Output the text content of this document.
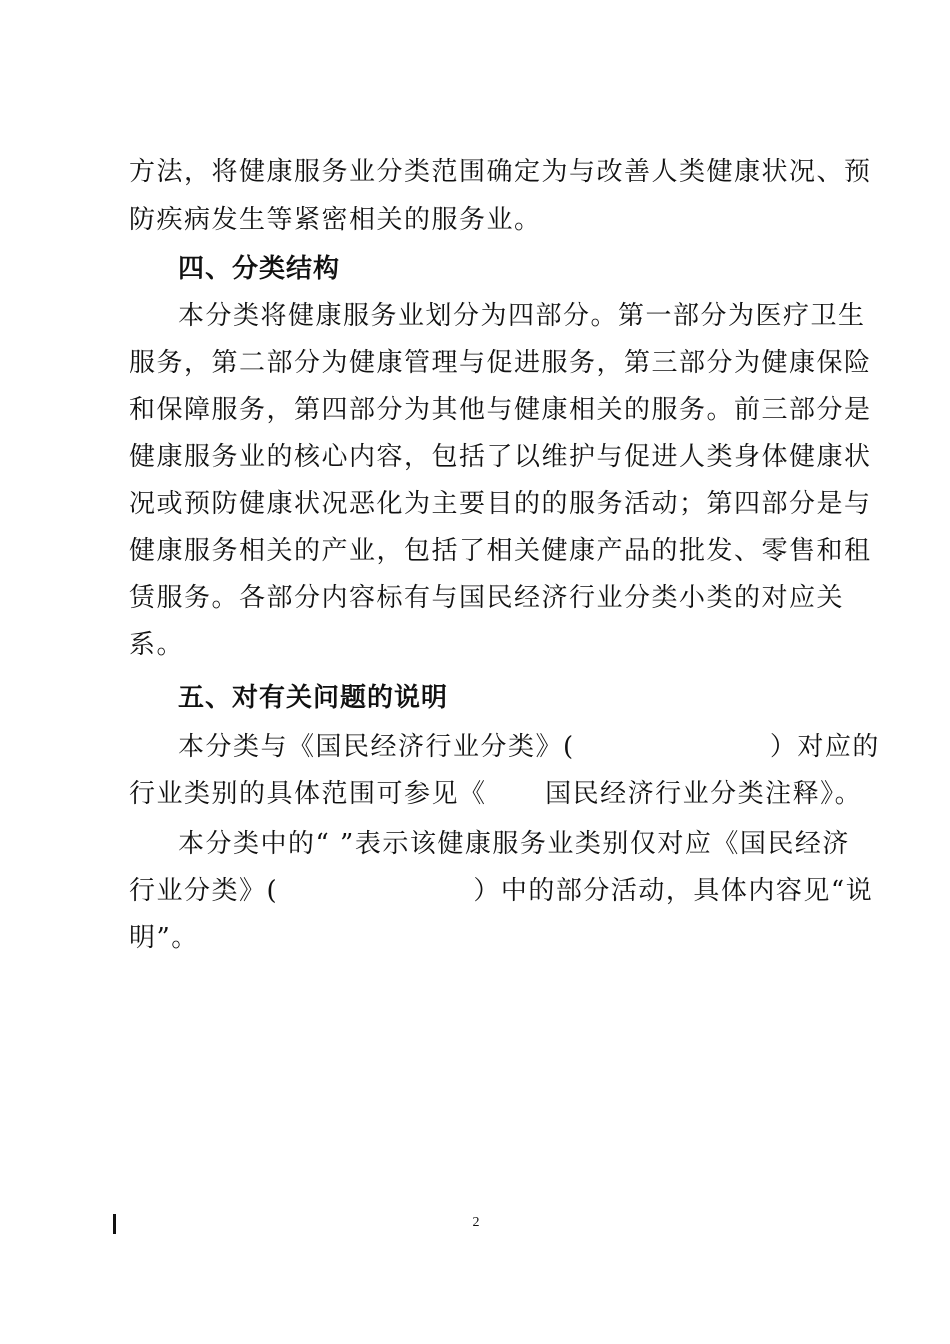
方法，将健康服务业分类范围确定为与改善人类健康状况、预
防疾病发生等紧密相关的服务业。
四、分类结构
本分类将健康服务业划分为四部分。第一部分为医疗卫生
服务，第二部分为健康管理与促进服务，第三部分为健康保险
和保障服务，第四部分为其他与健康相关的服务。前三部分是
健康服务业的核心内容，包括了以维护与促进人类身体健康状
况或预防健康状况恶化为主要目的的服务活动；第四部分是与
健康服务相关的产业，包括了相关健康产品的批发、零售和租
赁服务。各部分内容标有与国民经济行业分类小类的对应关
系。
五、对有关问题的说明
本分类与《国民经济行业分类》(                    ）对应的
行业类别的具体范围可参见《      国民经济行业分类注释》。
本分类中的“ ”表示该健康服务业类别仅对应《国民经济
行业分类》(                    ）中的部分活动，具体内容见“说
明”。
2
